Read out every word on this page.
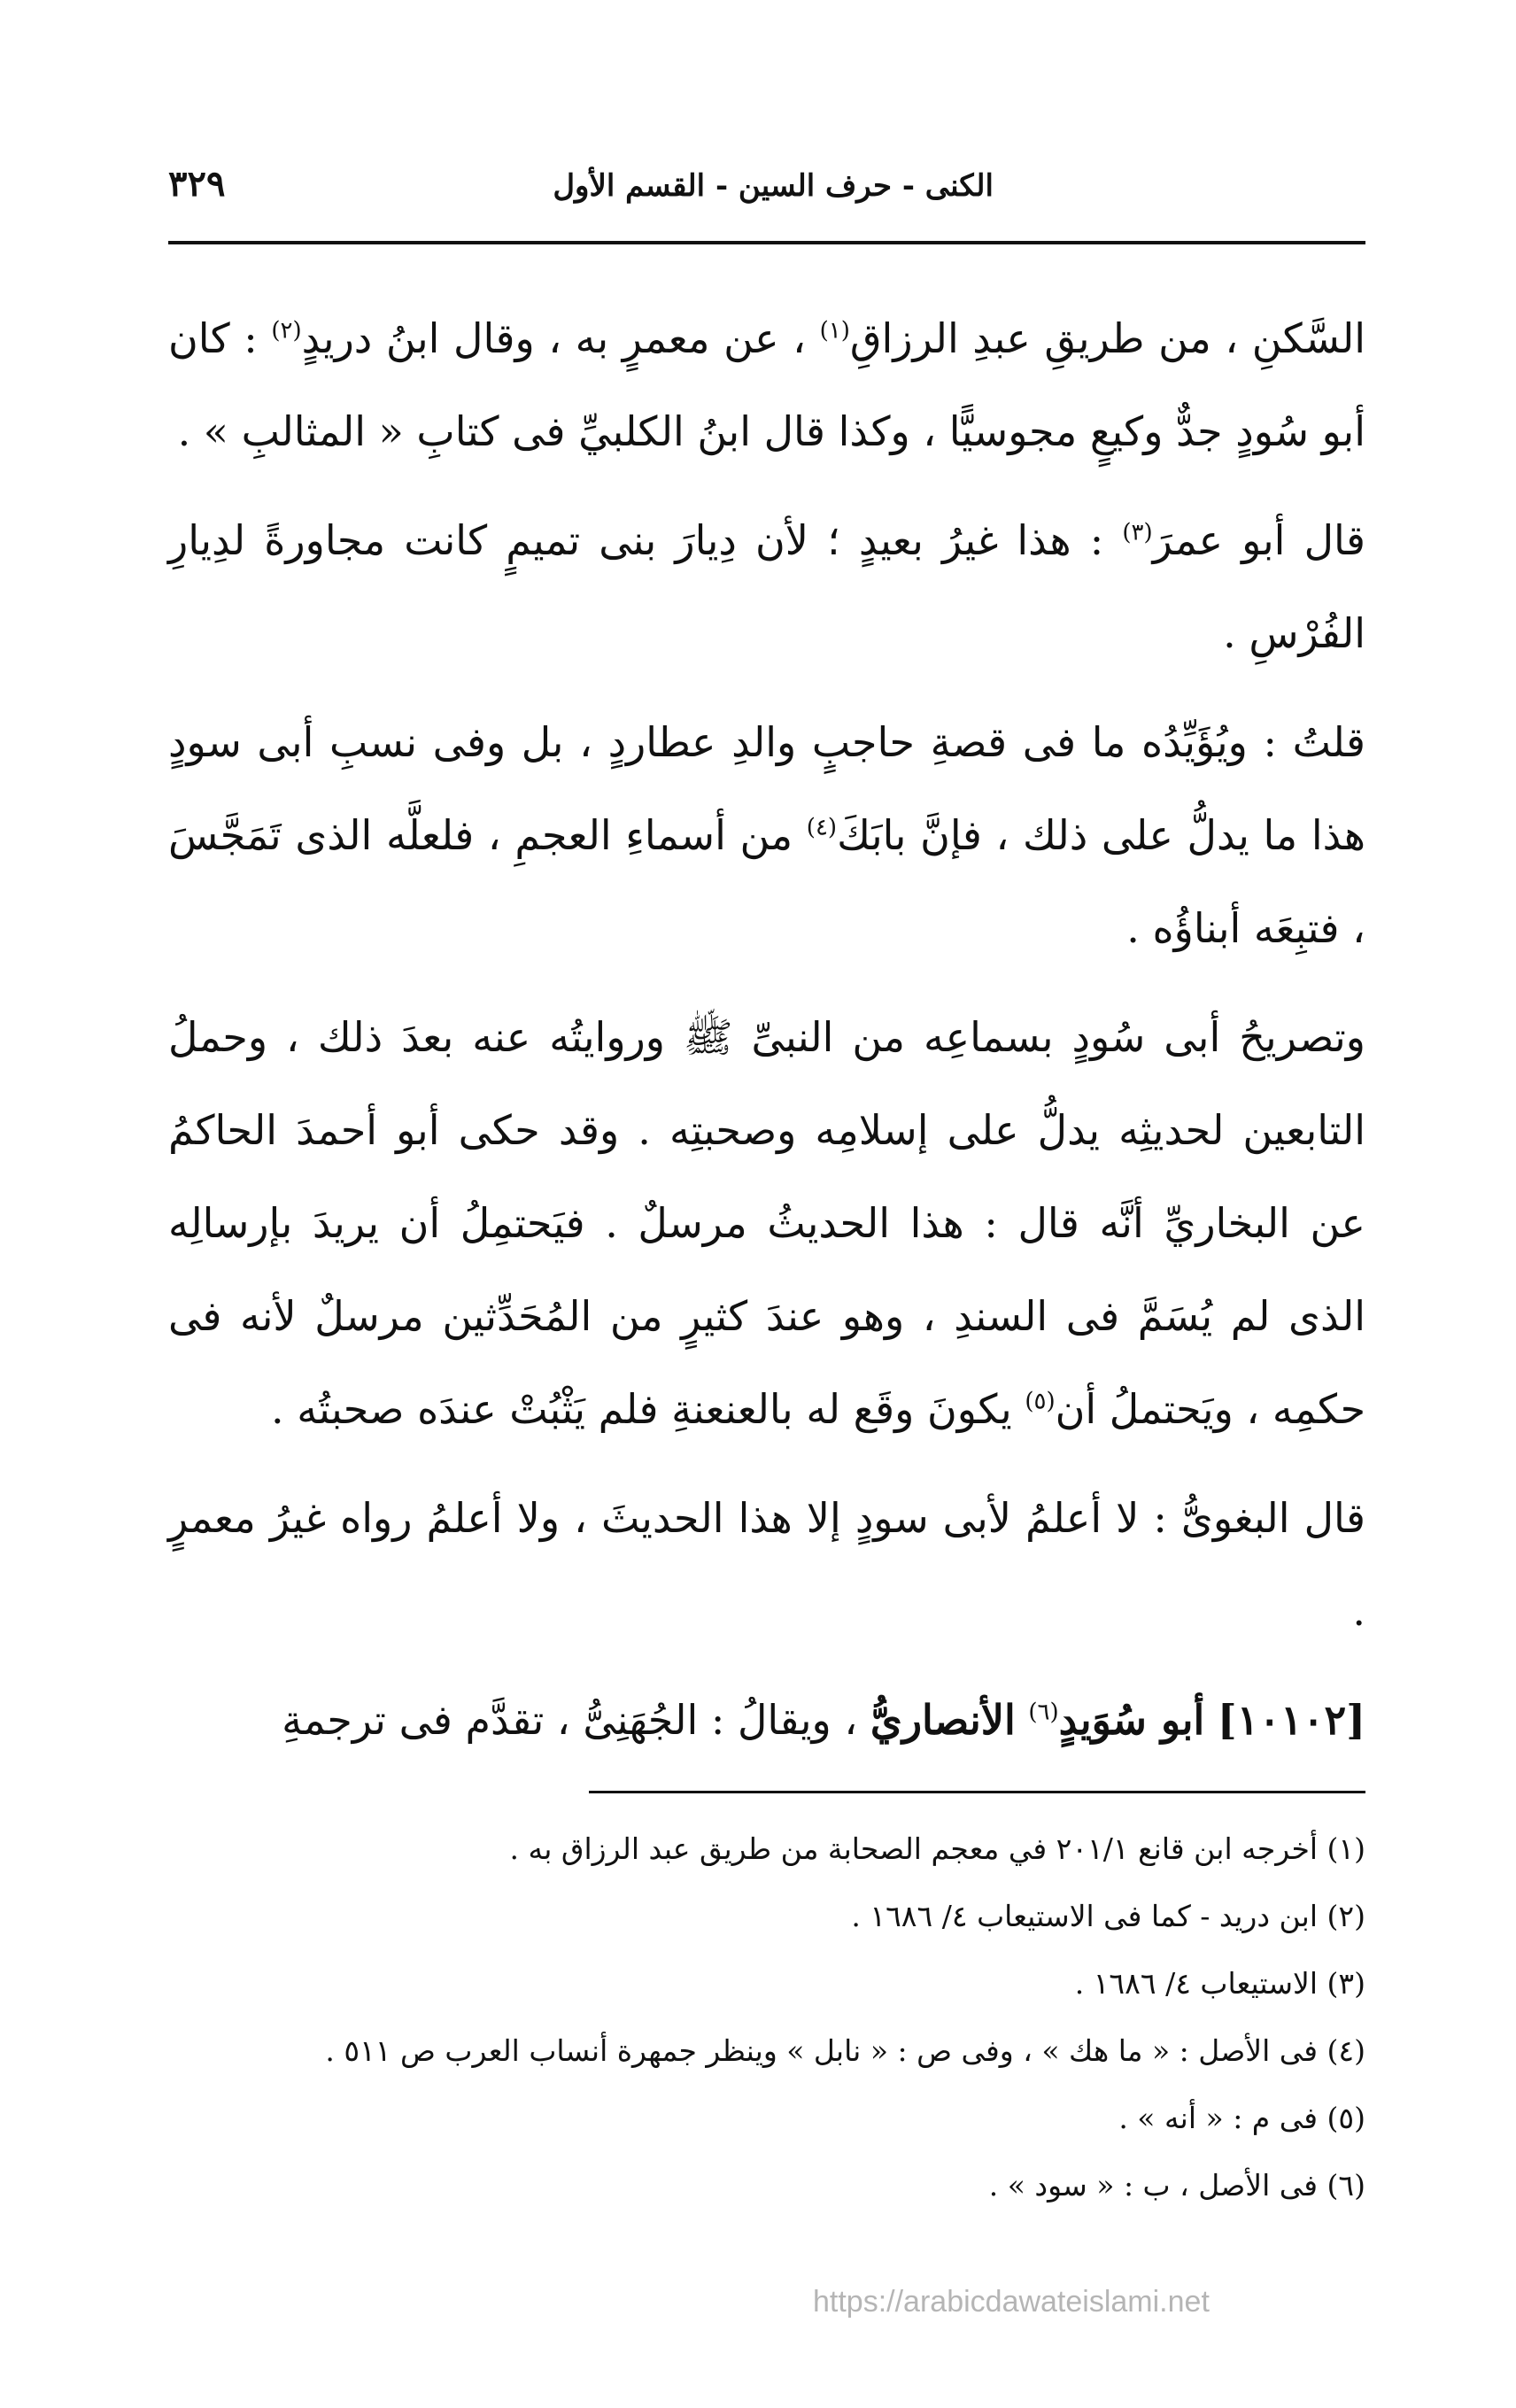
الكنى - حرف السين - القسم الأول
٣٢٩

السَّكنِ ، من طريقِ عبدِ الرزاقِ$^{(١)}$ ، عن معمرٍ به ، وقال ابنُ دريدٍ$^{(٢)}$ : كان أبو سُودٍ جدٌّ وكيعٍ مجوسيًّا ، وكذا قال ابنُ الكلبيِّ فى كتابِ « المثالبِ » .

قال أبو عمرَ$^{(٣)}$ : هذا غيرُ بعيدٍ ؛ لأن دِيارَ بنى تميمٍ كانت مجاورةً لدِيارِ الفُرْسِ .

قلتُ : ويُؤَيِّدُه ما فى قصةِ حاجبٍ والدِ عطاردٍ ، بل وفى نسبِ أبى سودٍ هذا ما يدلُّ على ذلك ، فإنَّ بابَكَ$^{(٤)}$ من أسماءِ العجمِ ، فلعلَّه الذى تَمَجَّسَ ، فتبِعَه أبناؤُه .

وتصريحُ أبى سُودٍ بسماعِه من النبىِّ ﷺ وروايتُه عنه بعدَ ذلك ، وحملُ التابعين لحديثِه يدلُّ على إسلامِه وصحبتِه . وقد حكى أبو أحمدَ الحاكمُ عن البخاريِّ أنَّه قال : هذا الحديثُ مرسلٌ . فيَحتمِلُ أن يريدَ بإرسالِه الذى لم يُسَمَّ فى السندِ ، وهو عندَ كثيرٍ من المُحَدِّثين مرسلٌ لأنه فى حكمِه ، ويَحتملُ أن$^{(٥)}$ يكونَ وقَع له بالعنعنةِ فلم يَثْبُتْ عندَه صحبتُه .

قال البغوىُّ : لا أعلمُ لأبى سودٍ إلا هذا الحديثَ ، ولا أعلمُ رواه غيرُ معمرٍ .

[١٠١٠٢] أبو سُوَيدٍ$^{(٦)}$ الأنصاريُّ ، ويقالُ : الجُهَنِىُّ ، تقدَّم فى ترجمةِ

(١) أخرجه ابن قانع ٢٠١/١ في معجم الصحابة من طريق عبد الرزاق به .
(٢) ابن دريد - كما فى الاستيعاب ٤/ ١٦٨٦ .
(٣) الاستيعاب ٤/ ١٦٨٦ .
(٤) فى الأصل : « ما هك » ، وفى ص : « نابل » وينظر جمهرة أنساب العرب ص ٥١١ .
(٥) فى م : « أنه » .
(٦) فى الأصل ، ب : « سود » .
https://arabicdawateislami.net
